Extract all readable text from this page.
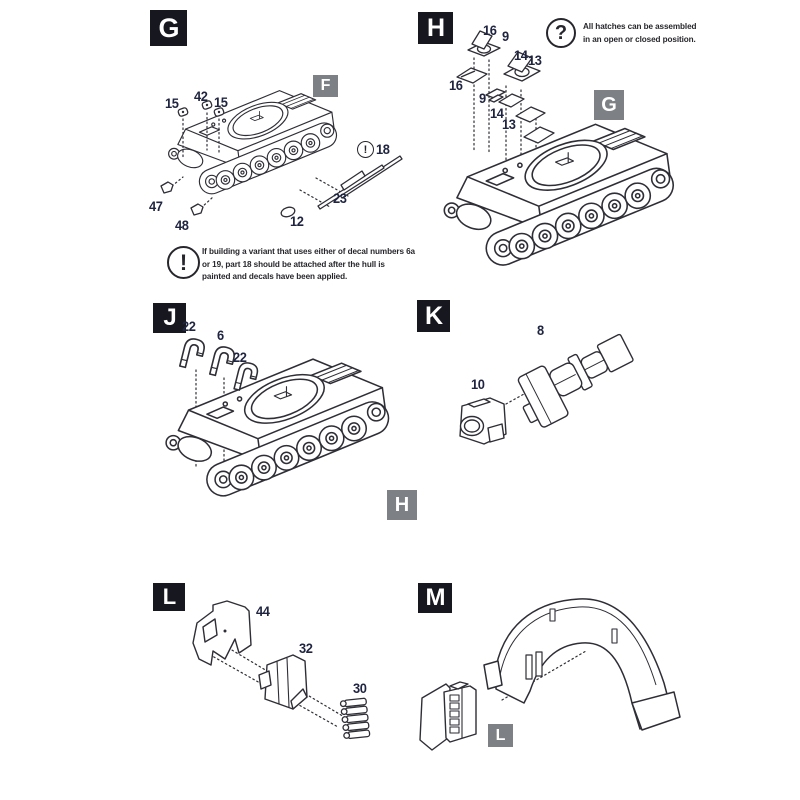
G	H
J	K
L	M
F
G
H
L
15 42 15
47
48	12
23
18
!
16 9
14 13
16
9
14
13
22
6
22
8
10
44
32
30
! If building a variant that uses either of decal numbers 6a or 19, part 18 should be attached after the hull is painted and decals have been applied.
? All hatches can be assembled in an open or closed position.
